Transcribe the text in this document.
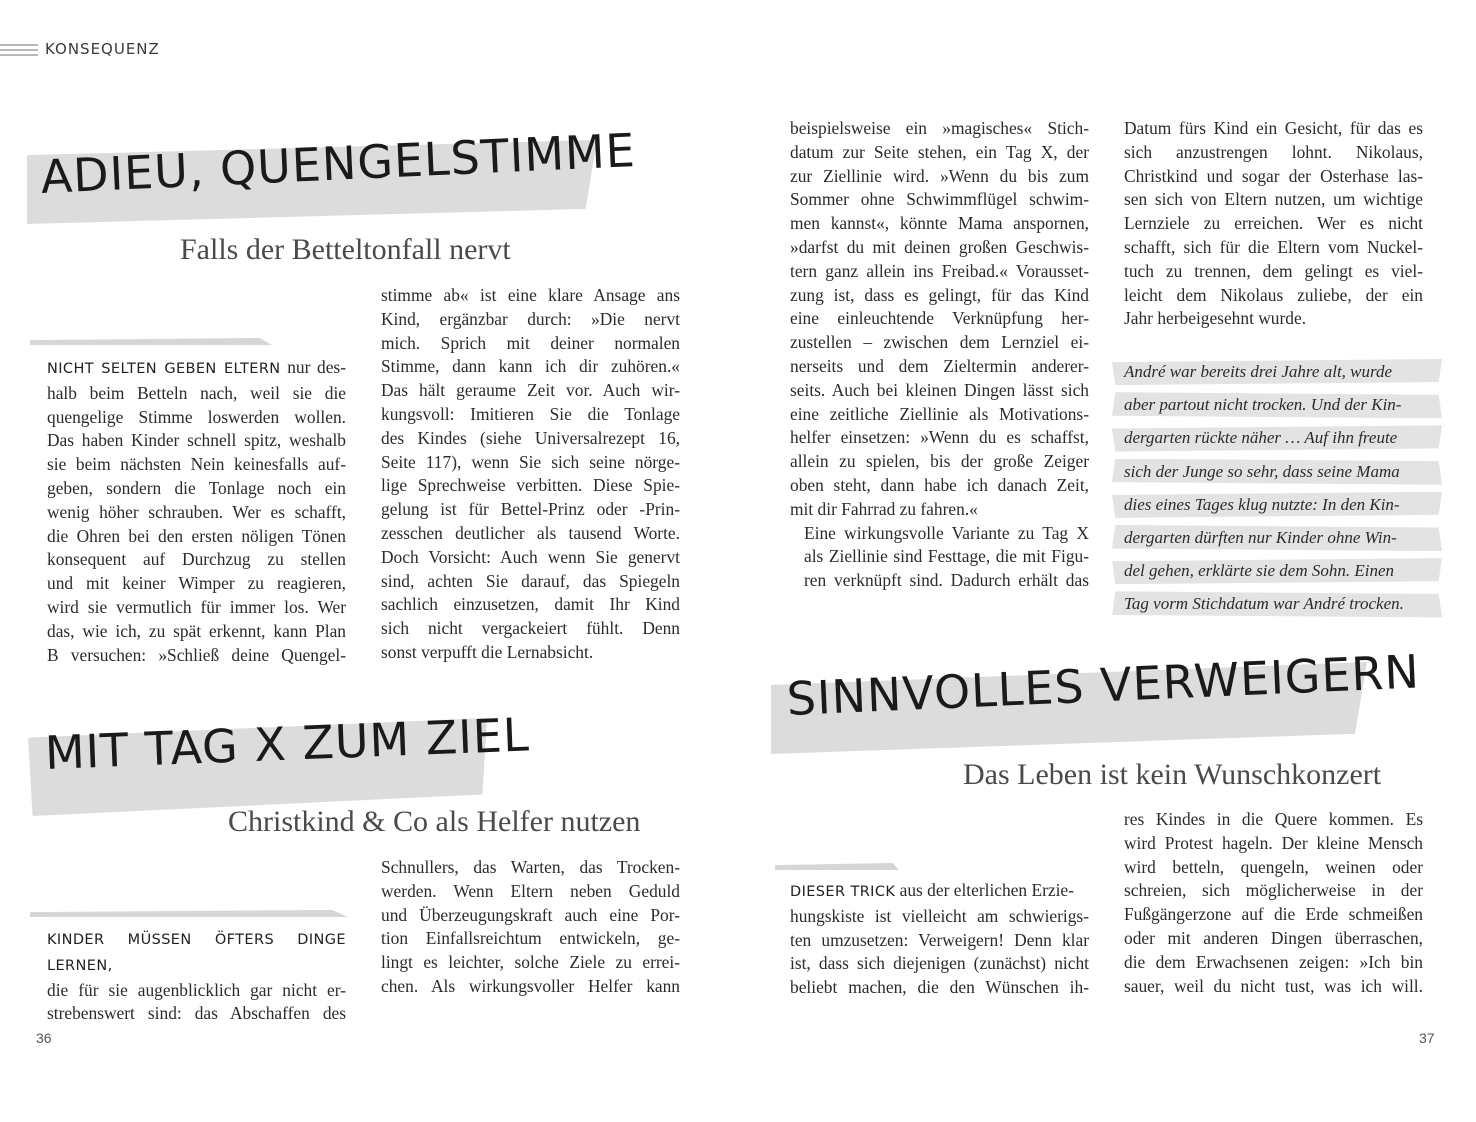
KONSEQUENZ
ADIEU, QUENGELSTIMME
Falls der Betteltonfall nervt

NICHT SELTEN GEBEN ELTERN nur des-

halb beim Betteln nach, weil sie die
quengelige Stimme loswerden wollen.
Das haben Kinder schnell spitz, weshalb
sie beim nächsten Nein keinesfalls auf-
geben, sondern die Tonlage noch ein
wenig höher schrauben. Wer es schafft,
die Ohren bei den ersten nöligen Tönen
konsequent auf Durchzug zu stellen
und mit keiner Wimper zu reagieren,
wird sie vermutlich für immer los. Wer
das, wie ich, zu spät erkennt, kann Plan
B versuchen: »Schließ deine Quengel-
stimme ab« ist eine klare Ansage ans
Kind, ergänzbar durch: »Die nervt
mich. Sprich mit deiner normalen
Stimme, dann kann ich dir zuhören.«
Das hält geraume Zeit vor. Auch wir-
kungsvoll: Imitieren Sie die Tonlage
des Kindes (siehe Universalrezept 16,
Seite 117), wenn Sie sich seine nörge-
lige Sprechweise verbitten. Diese Spie-
gelung ist für Bettel-Prinz oder -Prin-
zesschen deutlicher als tausend Worte.
Doch Vorsicht: Auch wenn Sie genervt
sind, achten Sie darauf, das Spiegeln
sachlich einzusetzen, damit Ihr Kind
sich nicht vergackeiert fühlt. Denn
sonst verpufft die Lernabsicht.
MIT TAG X ZUM ZIEL
Christkind & Co als Helfer nutzen

KINDER MÜSSEN ÖFTERS DINGE LERNEN,

die für sie augenblicklich gar nicht er-
strebenswert sind: das Abschaffen des
Schnullers, das Warten, das Trocken-
werden. Wenn Eltern neben Geduld
und Überzeugungskraft auch eine Por-
tion Einfallsreichtum entwickeln, ge-
lingt es leichter, solche Ziele zu errei-
chen. Als wirkungsvoller Helfer kann
beispielsweise ein »magisches« Stich-
datum zur Seite stehen, ein Tag X, der
zur Ziellinie wird. »Wenn du bis zum
Sommer ohne Schwimmflügel schwim-
men kannst«, könnte Mama anspornen,
»darfst du mit deinen großen Geschwis-
tern ganz allein ins Freibad.« Vorausset-
zung ist, dass es gelingt, für das Kind
eine einleuchtende Verknüpfung her-
zustellen – zwischen dem Lernziel ei-
nerseits und dem Zieltermin anderer-
seits. Auch bei kleinen Dingen lässt sich
eine zeitliche Ziellinie als Motivations-
helfer einsetzen: »Wenn du es schaffst,
allein zu spielen, bis der große Zeiger
oben steht, dann habe ich danach Zeit,
mit dir Fahrrad zu fahren.«
Eine wirkungsvolle Variante zu Tag X
als Ziellinie sind Festtage, die mit Figu-
ren verknüpft sind. Dadurch erhält das
Datum fürs Kind ein Gesicht, für das es
sich anzustrengen lohnt. Nikolaus,
Christkind und sogar der Osterhase las-
sen sich von Eltern nutzen, um wichtige
Lernziele zu erreichen. Wer es nicht
schafft, sich für die Eltern vom Nuckel-
tuch zu trennen, dem gelingt es viel-
leicht dem Nikolaus zuliebe, der ein
Jahr herbeigesehnt wurde.
André war bereits drei Jahre alt, wurde
aber partout nicht trocken. Und der Kin-
dergarten rückte näher … Auf ihn freute
sich der Junge so sehr, dass seine Mama
dies eines Tages klug nutzte: In den Kin-
dergarten dürften nur Kinder ohne Win-
del gehen, erklärte sie dem Sohn. Einen
Tag vorm Stichdatum war André trocken.
SINNVOLLES VERWEIGERN
Das Leben ist kein Wunschkonzert

DIESER TRICK aus der elterlichen Erzie-

hungskiste ist vielleicht am schwierigs-
ten umzusetzen: Verweigern! Denn klar
ist, dass sich diejenigen (zunächst) nicht
beliebt machen, die den Wünschen ih-
res Kindes in die Quere kommen. Es
wird Protest hageln. Der kleine Mensch
wird betteln, quengeln, weinen oder
schreien, sich möglicherweise in der
Fußgängerzone auf die Erde schmeißen
oder mit anderen Dingen überraschen,
die dem Erwachsenen zeigen: »Ich bin
sauer, weil du nicht tust, was ich will.
36	37
